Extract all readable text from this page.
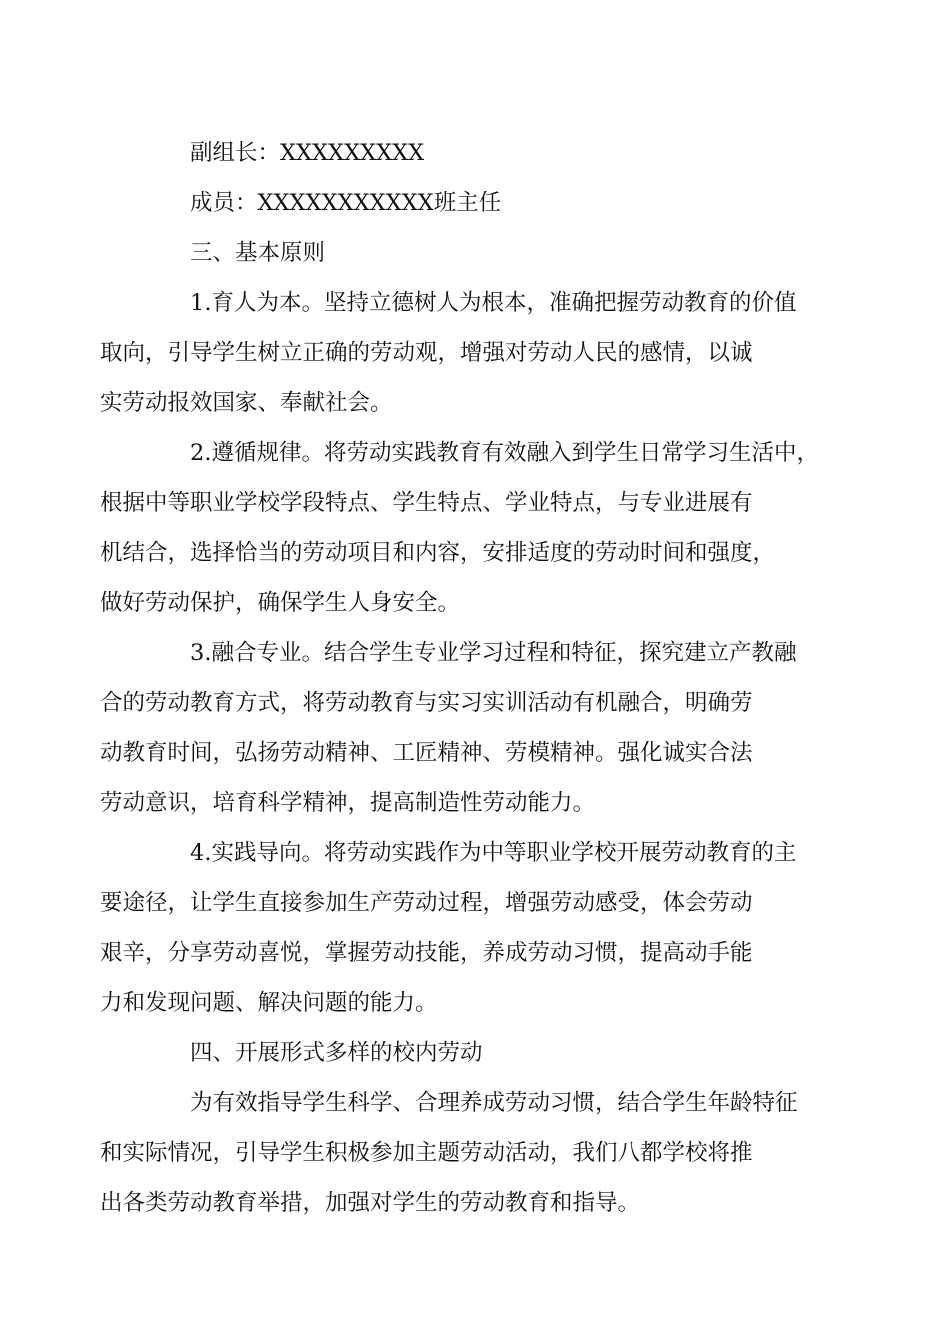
副组长：XXXXXXXXX
成员：XXXXXXXXXXX班主任
三、基本原则
1.育人为本。坚持立德树人为根本，准确把握劳动教育的价值
取向，引导学生树立正确的劳动观，增强对劳动人民的感情，以诚
实劳动报效国家、奉献社会。
2.遵循规律。将劳动实践教育有效融入到学生日常学习生活中，
根据中等职业学校学段特点、学生特点、学业特点，与专业进展有
机结合，选择恰当的劳动项目和内容，安排适度的劳动时间和强度，
做好劳动保护，确保学生人身安全。
3.融合专业。结合学生专业学习过程和特征，探究建立产教融
合的劳动教育方式，将劳动教育与实习实训活动有机融合，明确劳
动教育时间，弘扬劳动精神、工匠精神、劳模精神。强化诚实合法
劳动意识，培育科学精神，提高制造性劳动能力。
4.实践导向。将劳动实践作为中等职业学校开展劳动教育的主
要途径，让学生直接参加生产劳动过程，增强劳动感受，体会劳动
艰辛，分享劳动喜悦，掌握劳动技能，养成劳动习惯，提高动手能
力和发现问题、解决问题的能力。
四、开展形式多样的校内劳动
为有效指导学生科学、合理养成劳动习惯，结合学生年龄特征
和实际情况，引导学生积极参加主题劳动活动，我们八都学校将推
出各类劳动教育举措，加强对学生的劳动教育和指导。
